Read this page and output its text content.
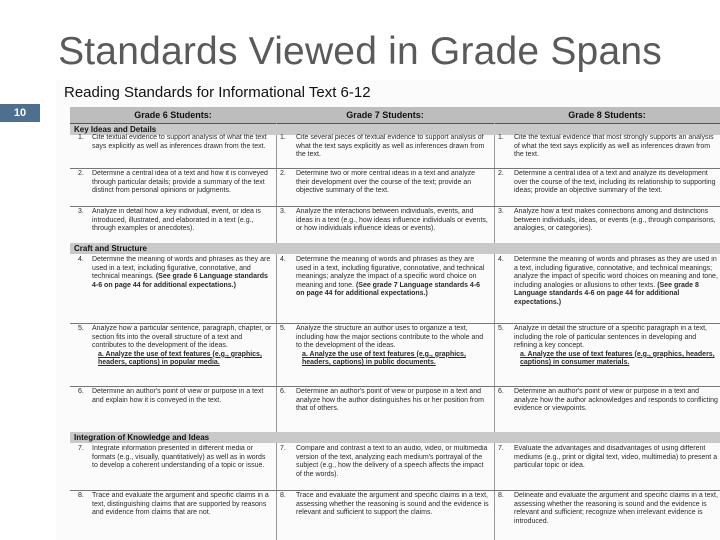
Standards Viewed in Grade Spans
10
Reading Standards for Informational Text 6-12
Grade 6 Students:	Grade 7 Students:	Grade 8 Students:
Key Ideas and Details
1. Cite textual evidence to support analysis of what the text says explicitly as well as inferences drawn from the text.
1. Cite several pieces of textual evidence to support analysis of what the text says explicitly as well as inferences drawn from the text.
1. Cite the textual evidence that most strongly supports an analysis of what the text says explicitly as well as inferences drawn from the text.
2. Determine a central idea of a text and how it is conveyed through particular details; provide a summary of the text distinct from personal opinions or judgments.
2. Determine two or more central ideas in a text and analyze their development over the course of the text; provide an objective summary of the text.
2. Determine a central idea of a text and analyze its development over the course of the text, including its relationship to supporting ideas; provide an objective summary of the text.
3. Analyze in detail how a key individual, event, or idea is introduced, illustrated, and elaborated in a text (e.g., through examples or anecdotes).
3. Analyze the interactions between individuals, events, and ideas in a text (e.g., how ideas influence individuals or events, or how individuals influence ideas or events).
3. Analyze how a text makes connections among and distinctions between individuals, ideas, or events (e.g., through comparisons, analogies, or categories).
Craft and Structure
4. Determine the meaning of words and phrases as they are used in a text, including figurative, connotative, and technical meanings. (See grade 6 Language standards 4-6 on page 44 for additional expectations.)
4. Determine the meaning of words and phrases as they are used in a text, including figurative, connotative, and technical meanings; analyze the impact of a specific word choice on meaning and tone. (See grade 7 Language standards 4-6 on page 44 for additional expectations.)
4. Determine the meaning of words and phrases as they are used in a text, including figurative, connotative, and technical meanings; analyze the impact of specific word choices on meaning and tone, including analogies or allusions to other texts. (See grade 8 Language standards 4-6 on page 44 for additional expectations.)
5. Analyze how a particular sentence, paragraph, chapter, or section fits into the overall structure of a text and contributes to the development of the ideas.
a. Analyze the use of text features (e.g., graphics, headers, captions) in popular media.
5. Analyze the structure an author uses to organize a text, including how the major sections contribute to the whole and to the development of the ideas.
a. Analyze the use of text features (e.g., graphics, headers, captions) in public documents.
5. Analyze in detail the structure of a specific paragraph in a text, including the role of particular sentences in developing and refining a key concept.
a. Analyze the use of text features (e.g., graphics, headers, captions) in consumer materials.
6. Determine an author's point of view or purpose in a text and explain how it is conveyed in the text.
6. Determine an author's point of view or purpose in a text and analyze how the author distinguishes his or her position from that of others.
6. Determine an author's point of view or purpose in a text and analyze how the author acknowledges and responds to conflicting evidence or viewpoints.
Integration of Knowledge and Ideas
7. Integrate information presented in different media or formats (e.g., visually, quantitatively) as well as in words to develop a coherent understanding of a topic or issue.
7. Compare and contrast a text to an audio, video, or multimedia version of the text, analyzing each medium's portrayal of the subject (e.g., how the delivery of a speech affects the impact of the words).
7. Evaluate the advantages and disadvantages of using different mediums (e.g., print or digital text, video, multimedia) to present a particular topic or idea.
8. Trace and evaluate the argument and specific claims in a text, distinguishing claims that are supported by reasons and evidence from claims that are not.
8. Trace and evaluate the argument and specific claims in a text, assessing whether the reasoning is sound and the evidence is relevant and sufficient to support the claims.
8. Delineate and evaluate the argument and specific claims in a text, assessing whether the reasoning is sound and the evidence is relevant and sufficient; recognize when irrelevant evidence is introduced.
